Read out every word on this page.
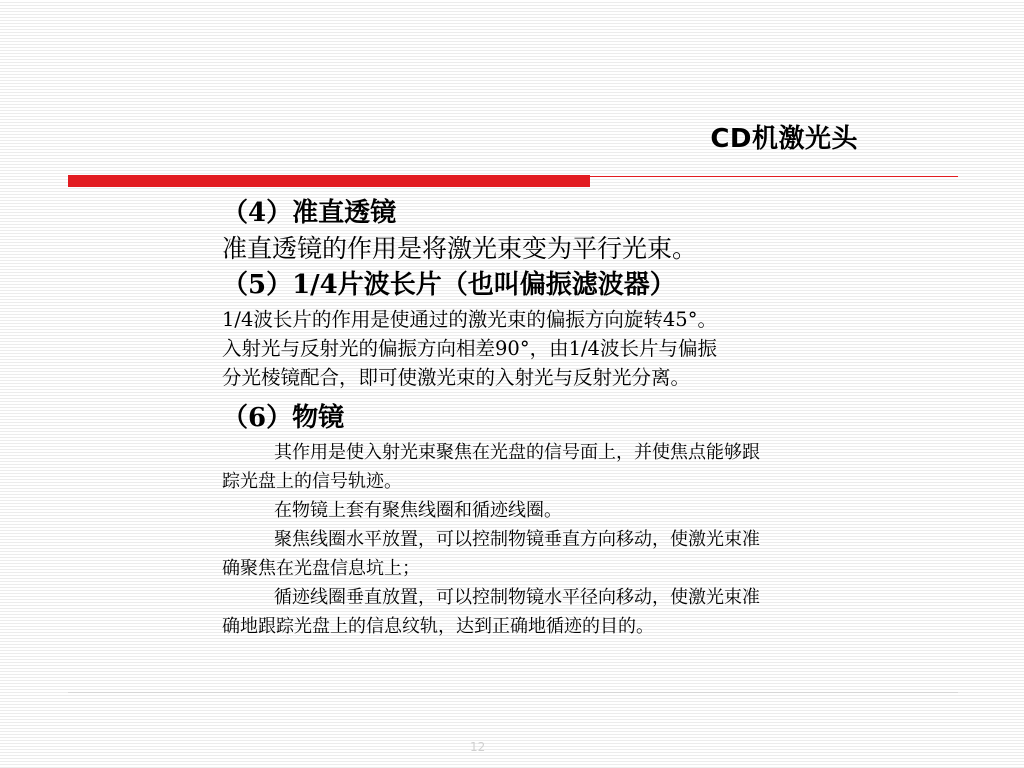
CD机激光头
（4）准直透镜
准直透镜的作用是将激光束变为平行光束。
（5）1/4片波长片（也叫偏振滤波器）
1/4波长片的作用是使通过的激光束的偏振方向旋转45°。
入射光与反射光的偏振方向相差90°，由1/4波长片与偏振
分光棱镜配合，即可使激光束的入射光与反射光分离。
（6）物镜
其作用是使入射光束聚焦在光盘的信号面上，并使焦点能够跟
踪光盘上的信号轨迹。
在物镜上套有聚焦线圈和循迹线圈。
聚焦线圈水平放置，可以控制物镜垂直方向移动，使激光束准
确聚焦在光盘信息坑上；
循迹线圈垂直放置，可以控制物镜水平径向移动，使激光束准
确地跟踪光盘上的信息纹轨，达到正确地循迹的目的。
12
